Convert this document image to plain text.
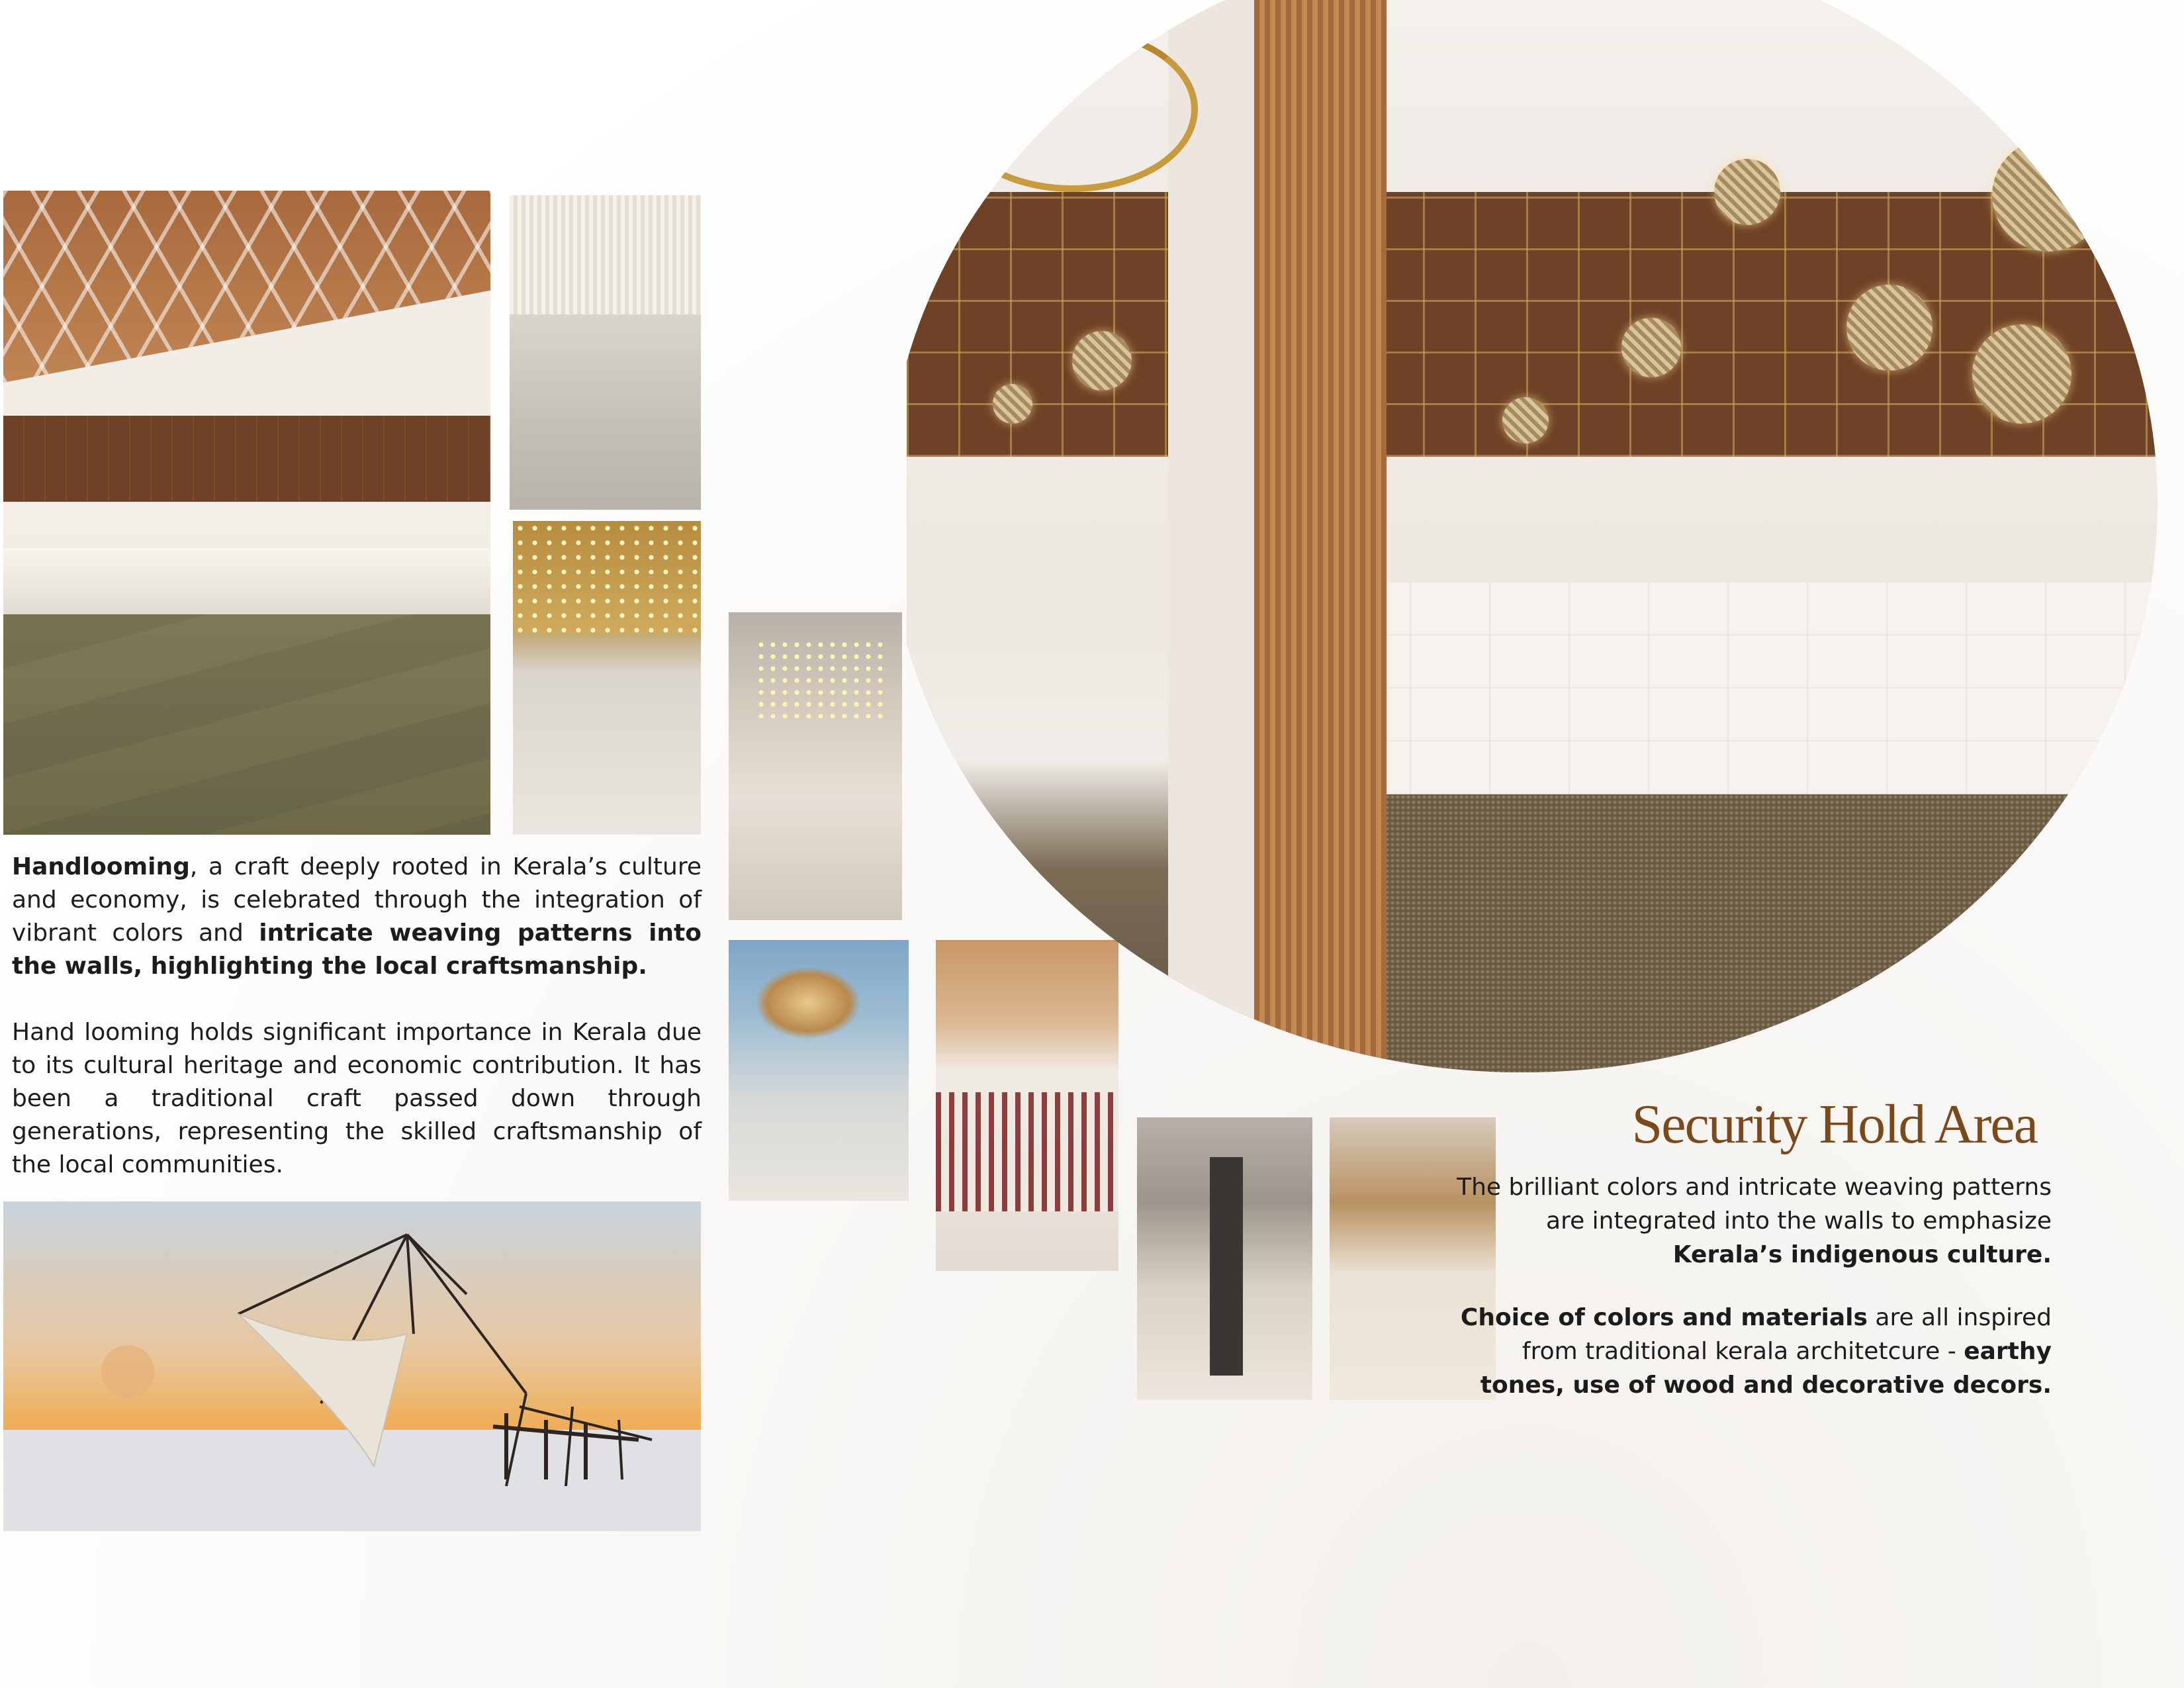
Handlooming, a craft deeply rooted in Kerala’s culture and economy, is celebrated through the integration of vibrant colors and intricate weaving patterns into the walls, highlighting the local craftsmanship.

Hand looming holds significant importance in Kerala due to its cultural heritage and economic contribution. It has been a traditional craft passed down through generations, representing the skilled craftsmanship of the local communities.

Security Hold Area

The brilliant colors and intricate weaving patterns are integrated into the walls to emphasize Kerala’s indigenous culture.

Choice of colors and materials are all inspired from traditional kerala architetcure - earthy tones, use of wood and decorative decors.
